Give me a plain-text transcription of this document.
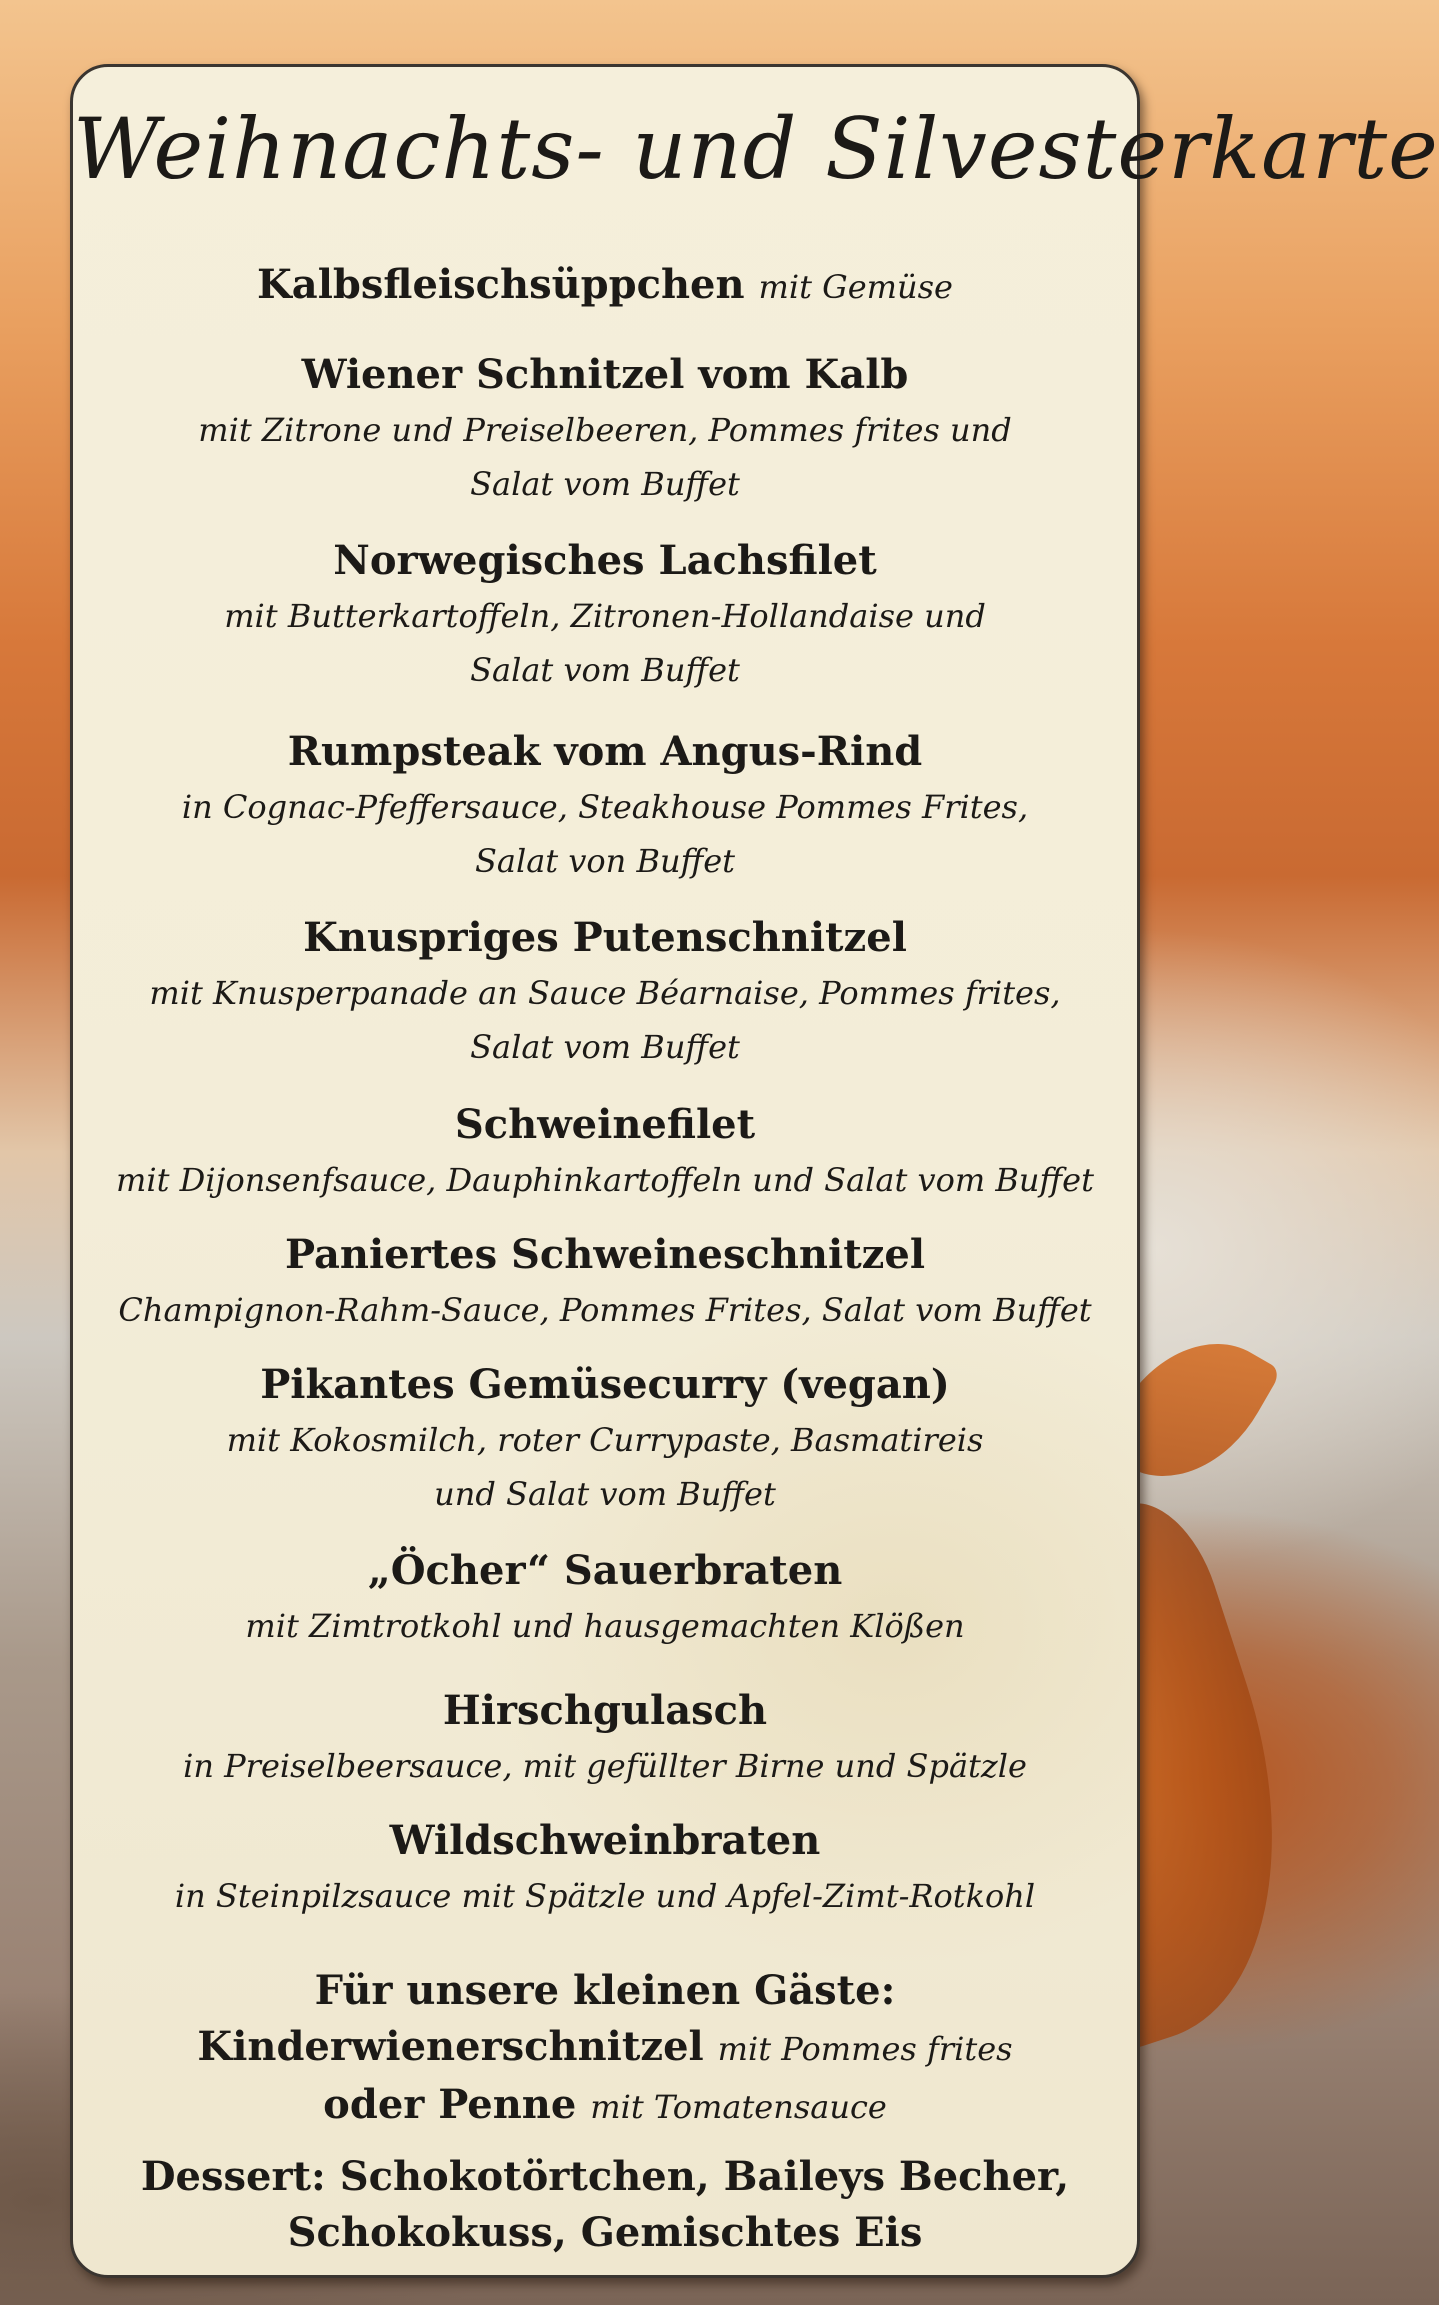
Weihnachts- und Silvesterkarte
Kalbsfleischsüppchen mit Gemüse
Wiener Schnitzel vom Kalb
mit Zitrone und Preiselbeeren, Pommes frites und
Salat vom Buffet
Norwegisches Lachsfilet
mit Butterkartoffeln, Zitronen-Hollandaise und
Salat vom Buffet
Rumpsteak vom Angus-Rind
in Cognac-Pfeffersauce, Steakhouse Pommes Frites,
Salat von Buffet
Knuspriges Putenschnitzel
mit Knusperpanade an Sauce Béarnaise, Pommes frites,
Salat vom Buffet
Schweinefilet
mit Dijonsenfsauce, Dauphinkartoffeln und Salat vom Buffet
Paniertes Schweineschnitzel
Champignon-Rahm-Sauce, Pommes Frites, Salat vom Buffet
Pikantes Gemüsecurry (vegan)
mit Kokosmilch, roter Currypaste, Basmatireis
und Salat vom Buffet
„Öcher“ Sauerbraten
mit Zimtrotkohl und hausgemachten Klößen
Hirschgulasch
in Preiselbeersauce, mit gefüllter Birne und Spätzle
Wildschweinbraten
in Steinpilzsauce mit Spätzle und Apfel-Zimt-Rotkohl
Für unsere kleinen Gäste:
Kinderwienerschnitzel mit Pommes frites
oder Penne mit Tomatensauce
Dessert: Schokotörtchen, Baileys Becher,
Schokokuss, Gemischtes Eis
